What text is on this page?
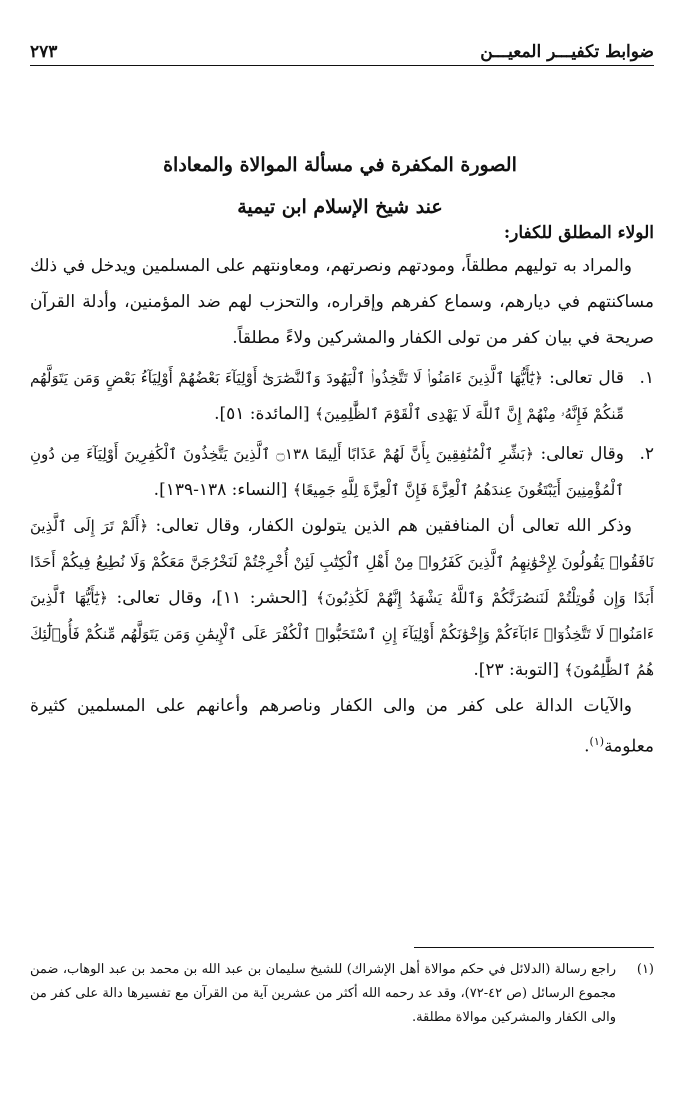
ضوابط تكفيـــر المعيـــن
٢٧٣
الصورة المكفرة في مسألة الموالاة والمعاداة
عند شيخ الإسلام ابن تيمية
الولاء المطلق للكفار:

والمراد به توليهم مطلقاً، ومودتهم ونصرتهم، ومعاونتهم على المسلمين ويدخل في ذلك مساكنتهم في ديارهم، وسماع كفرهم وإقراره، والتحزب لهم ضد المؤمنين، وأدلة القرآن صريحة في بيان كفر من تولى الكفار والمشركين ولاءً مطلقاً.

١.
قال تعالى: ﴿يَٰٓأَيُّهَا ٱلَّذِينَ ءَامَنُوا۟ لَا تَتَّخِذُوا۟ ٱلْيَهُودَ وَٱلنَّصَٰرَىٰٓ أَوْلِيَآءَ بَعْضُهُمْ أَوْلِيَآءُ بَعْضٍ وَمَن يَتَوَلَّهُم مِّنكُمْ فَإِنَّهُۥ مِنْهُمْ إِنَّ ٱللَّهَ لَا يَهْدِى ٱلْقَوْمَ ٱلظَّٰلِمِينَ﴾ [المائدة: ٥١].
٢.
وقال تعالى: ﴿بَشِّرِ ٱلْمُنَٰفِقِينَ بِأَنَّ لَهُمْ عَذَابًا أَلِيمًا ۝١٣٨ ٱلَّذِينَ يَتَّخِذُونَ ٱلْكَٰفِرِينَ أَوْلِيَآءَ مِن دُونِ ٱلْمُؤْمِنِينَ أَيَبْتَغُونَ عِندَهُمُ ٱلْعِزَّةَ فَإِنَّ ٱلْعِزَّةَ لِلَّهِ جَمِيعًا﴾ [النساء: ١٣٨-١٣٩].

وذكر الله تعالى أن المنافقين هم الذين يتولون الكفار، وقال تعالى: ﴿أَلَمْ تَرَ إِلَى ٱلَّذِينَ نَافَقُوا۟ يَقُولُونَ لِإِخْوَٰنِهِمُ ٱلَّذِينَ كَفَرُوا۟ مِنْ أَهْلِ ٱلْكِتَٰبِ لَئِنْ أُخْرِجْتُمْ لَنَخْرُجَنَّ مَعَكُمْ وَلَا نُطِيعُ فِيكُمْ أَحَدًا أَبَدًا وَإِن قُوتِلْتُمْ لَنَنصُرَنَّكُمْ وَٱللَّهُ يَشْهَدُ إِنَّهُمْ لَكَٰذِبُونَ﴾ [الحشر: ١١]، وقال تعالى: ﴿يَٰٓأَيُّهَا ٱلَّذِينَ ءَامَنُوا۟ لَا تَتَّخِذُوٓا۟ ءَابَآءَكُمْ وَإِخْوَٰنَكُمْ أَوْلِيَآءَ إِنِ ٱسْتَحَبُّوا۟ ٱلْكُفْرَ عَلَى ٱلْإِيمَٰنِ وَمَن يَتَوَلَّهُم مِّنكُمْ فَأُو۟لَٰٓئِكَ هُمُ ٱلظَّٰلِمُونَ﴾ [التوبة: ٢٣].

والآيات الدالة على كفر من والى الكفار وناصرهم وأعانهم على المسلمين كثيرة معلومة$^{(١)}$.

(١)
راجع رسالة (الدلائل في حكم موالاة أهل الإشراك) للشيخ سليمان بن عبد الله بن محمد بن عبد الوهاب، ضمن مجموع الرسائل (ص ٤٢-٧٢)، وقد عد رحمه الله أكثر من عشرين آية من القرآن مع تفسيرها دالة على كفر من والى الكفار والمشركين موالاة مطلقة.
